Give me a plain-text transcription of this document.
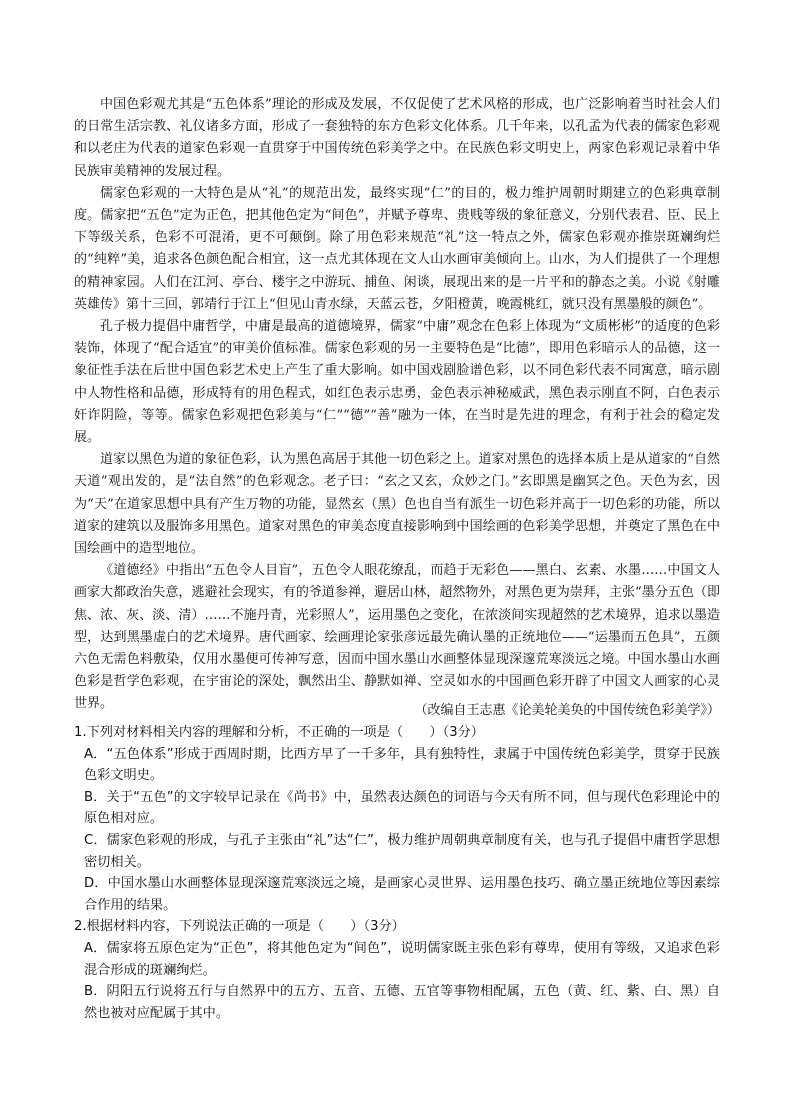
中国色彩观尤其是“五色体系”理论的形成及发展，不仅促使了艺术风格的形成，也广泛影响着当时社会人们的日常生活宗教、礼仪诸多方面，形成了一套独特的东方色彩文化体系。几千年来，以孔孟为代表的儒家色彩观和以老庄为代表的道家色彩观一直贯穿于中国传统色彩美学之中。在民族色彩文明史上，两家色彩观记录着中华民族审美精神的发展过程。

儒家色彩观的一大特色是从“礼”的规范出发，最终实现“仁”的目的，极力维护周朝时期建立的色彩典章制度。儒家把“五色”定为正色，把其他色定为“间色”，并赋予尊卑、贵贱等级的象征意义，分别代表君、臣、民上下等级关系，色彩不可混淆，更不可颠倒。除了用色彩来规范“礼”这一特点之外，儒家色彩观亦推崇斑斓绚烂的“纯粹”美，追求各色颜色配合相宜，这一点尤其体现在文人山水画审美倾向上。山水，为人们提供了一个理想的精神家园。人们在江河、亭台、楼宇之中游玩、捕鱼、闲谈，展现出来的是一片平和的静态之美。小说《射雕英雄传》第十三回，郭靖行于江上“但见山青水绿，天蓝云苍，夕阳橙黄，晚霞桃红，就只没有黑墨般的颜色”。

孔子极力提倡中庸哲学，中庸是最高的道德境界，儒家“中庸”观念在色彩上体现为“文质彬彬”的适度的色彩装饰，体现了“配合适宜”的审美价值标准。儒家色彩观的另一主要特色是“比德”，即用色彩暗示人的品德，这一象征性手法在后世中国色彩艺术史上产生了重大影响。如中国戏剧脸谱色彩，以不同色彩代表不同寓意，暗示剧中人物性格和品德，形成特有的用色程式，如红色表示忠勇，金色表示神秘威武，黑色表示刚直不阿，白色表示奸诈阴险，等等。儒家色彩观把色彩美与“仁”“德”“善”融为一体，在当时是先进的理念，有利于社会的稳定发展。

道家以黑色为道的象征色彩，认为黑色高居于其他一切色彩之上。道家对黑色的选择本质上是从道家的“自然天道”观出发的，是“法自然”的色彩观念。老子曰：“玄之又玄，众妙之门。”玄即黑是幽冥之色。天色为玄，因为“天”在道家思想中具有产生万物的功能，显然玄（黑）色也自当有派生一切色彩并高于一切色彩的功能，所以道家的建筑以及服饰多用黑色。道家对黑色的审美态度直接影响到中国绘画的色彩美学思想，并奠定了黑色在中国绘画中的造型地位。

《道德经》中指出“五色令人目盲”，五色令人眼花缭乱，而趋于无彩色——黑白、玄素、水墨……中国文人画家大都政治失意，逃避社会现实，有的爷道参禅，避居山林，超然物外，对黑色更为崇拜，主张“墨分五色（即焦、浓、灰、淡、清）……不施丹青，光彩照人”，运用墨色之变化，在浓淡间实现超然的艺术境界，追求以墨造型，达到黑墨虚白的艺术境界。唐代画家、绘画理论家张彦远最先确认墨的正统地位——“运墨而五色具”，五颜六色无需色料敷染，仅用水墨便可传神写意，因而中国水墨山水画整体显现深邃荒寒淡远之境。中国水墨山水画色彩是哲学色彩观，在宇宙论的深处，飘然出尘、静默如禅、空灵如水的中国画色彩开辟了中国文人画家的心灵世界。	（改编自王志惠《论美轮美奂的中国传统色彩美学》）

1.下列对材料相关内容的理解和分析，不正确的一项是（　　）（3分）

A．“五色体系”形成于西周时期，比西方早了一千多年，具有独特性，隶属于中国传统色彩美学，贯穿于民族色彩文明史。

B．关于“五色”的文字较早记录在《尚书》中，虽然表达颜色的词语与今天有所不同，但与现代色彩理论中的原色相对应。

C．儒家色彩观的形成，与孔子主张由“礼”达“仁”，极力维护周朝典章制度有关，也与孔子提倡中庸哲学思想密切相关。

D．中国水墨山水画整体显现深邃荒寒淡远之境，是画家心灵世界、运用墨色技巧、确立墨正统地位等因素综合作用的结果。

2.根据材料内容，下列说法正确的一项是（　　）（3分）

A．儒家将五原色定为“正色”，将其他色定为“间色”，说明儒家既主张色彩有尊卑，使用有等级，又追求色彩混合形成的斑斓绚烂。

B．阴阳五行说将五行与自然界中的五方、五音、五德、五官等事物相配属，五色（黄、红、紫、白、黑）自然也被对应配属于其中。
